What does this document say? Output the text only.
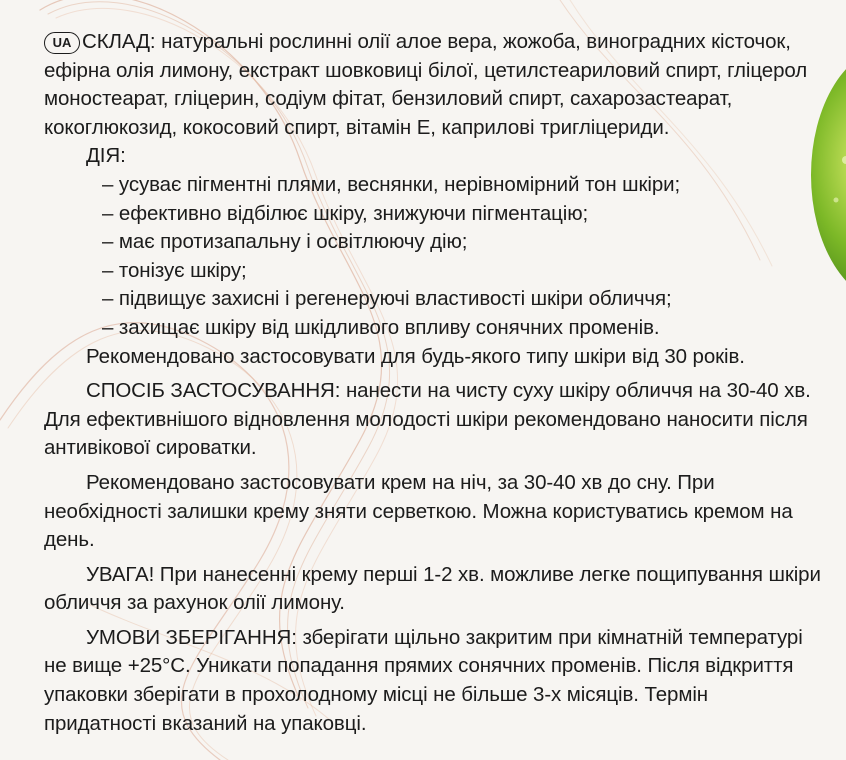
UA СКЛАД: натуральні рослинні олії алое вера, жожоба, виноградних кісточок, ефірна олія лимону, екстракт шовковиці білої, цетилстеариловий спирт, гліцерол моностеарат, гліцерин, содіум фітат, бензиловий спирт, сахарозастеарат, кокоглюкозид, кокосовий спирт, вітамін Е, каприлові тригліцериди.

ДІЯ:

– усуває пігментні плями, веснянки, нерівномірний тон шкіри;

– ефективно відбілює шкіру, знижуючи пігментацію;

– має протизапальну і освітлюючу дію;

– тонізує шкіру;

– підвищує захисні і регенеруючі властивості шкіри обличчя;

– захищає шкіру від шкідливого впливу сонячних променів.

Рекомендовано застосовувати для будь-якого типу шкіри від 30 років.

СПОСІБ ЗАСТОСУВАННЯ: нанести на чисту суху шкіру обличчя на 30-40 хв. Для ефективнішого відновлення молодості шкіри рекомендовано наносити після антивікової сироватки.

Рекомендовано застосовувати крем на ніч, за 30-40 хв до сну. При необхідності залишки крему зняти серветкою. Можна користуватись кремом на день.

УВАГА! При нанесенні крему перші 1-2 хв. можливе легке пощипування шкіри обличчя за рахунок олії лимону.

УМОВИ ЗБЕРІГАННЯ: зберігати щільно закритим при кімнатній температурі не вище +25°С. Уникати попадання прямих сонячних променів. Після відкриття упаковки зберігати в прохолодному місці не більше 3-х місяців. Термін придатності вказаний на упаковці.
